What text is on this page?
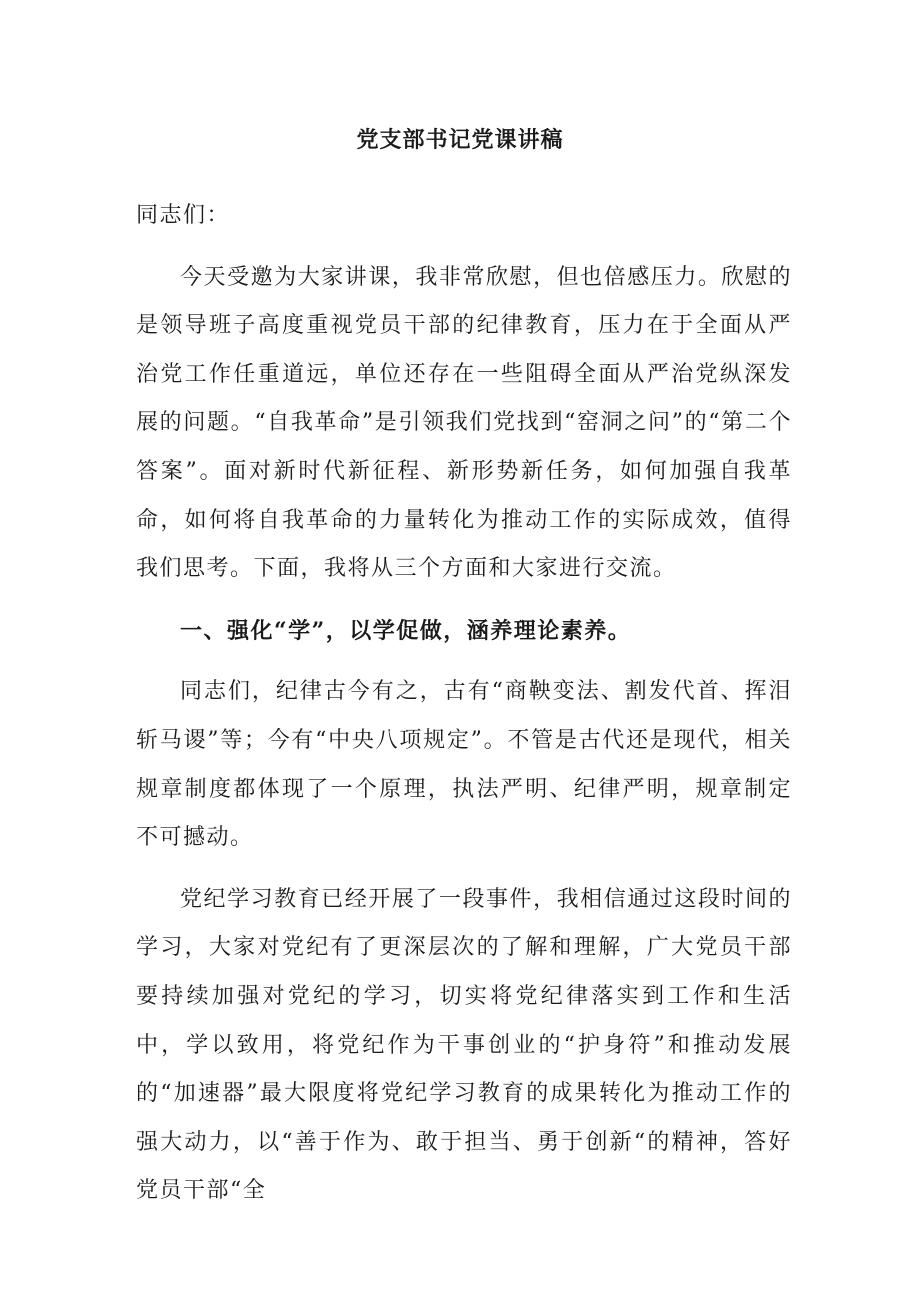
党支部书记党课讲稿

同志们：

今天受邀为大家讲课，我非常欣慰，但也倍感压力。欣慰的是领导班子高度重视党员干部的纪律教育，压力在于全面从严治党工作任重道远，单位还存在一些阻碍全面从严治党纵深发展的问题。“自我革命”是引领我们党找到“窑洞之问”的“第二个答案”。面对新时代新征程、新形势新任务，如何加强自我革命，如何将自我革命的力量转化为推动工作的实际成效，值得我们思考。下面，我将从三个方面和大家进行交流。

一、强化“学”，以学促做，涵养理论素养。

同志们，纪律古今有之，古有“商鞅变法、割发代首、挥泪斩马谡”等；今有“中央八项规定”。不管是古代还是现代，相关规章制度都体现了一个原理，执法严明、纪律严明，规章制定不可撼动。

党纪学习教育已经开展了一段事件，我相信通过这段时间的学习，大家对党纪有了更深层次的了解和理解，广大党员干部要持续加强对党纪的学习，切实将党纪律落实到工作和生活中，学以致用，将党纪作为干事创业的“护身符”和推动发展的“加速器”最大限度将党纪学习教育的成果转化为推动工作的强大动力，以“善于作为、敢于担当、勇于创新“的精神，答好党员干部“全
